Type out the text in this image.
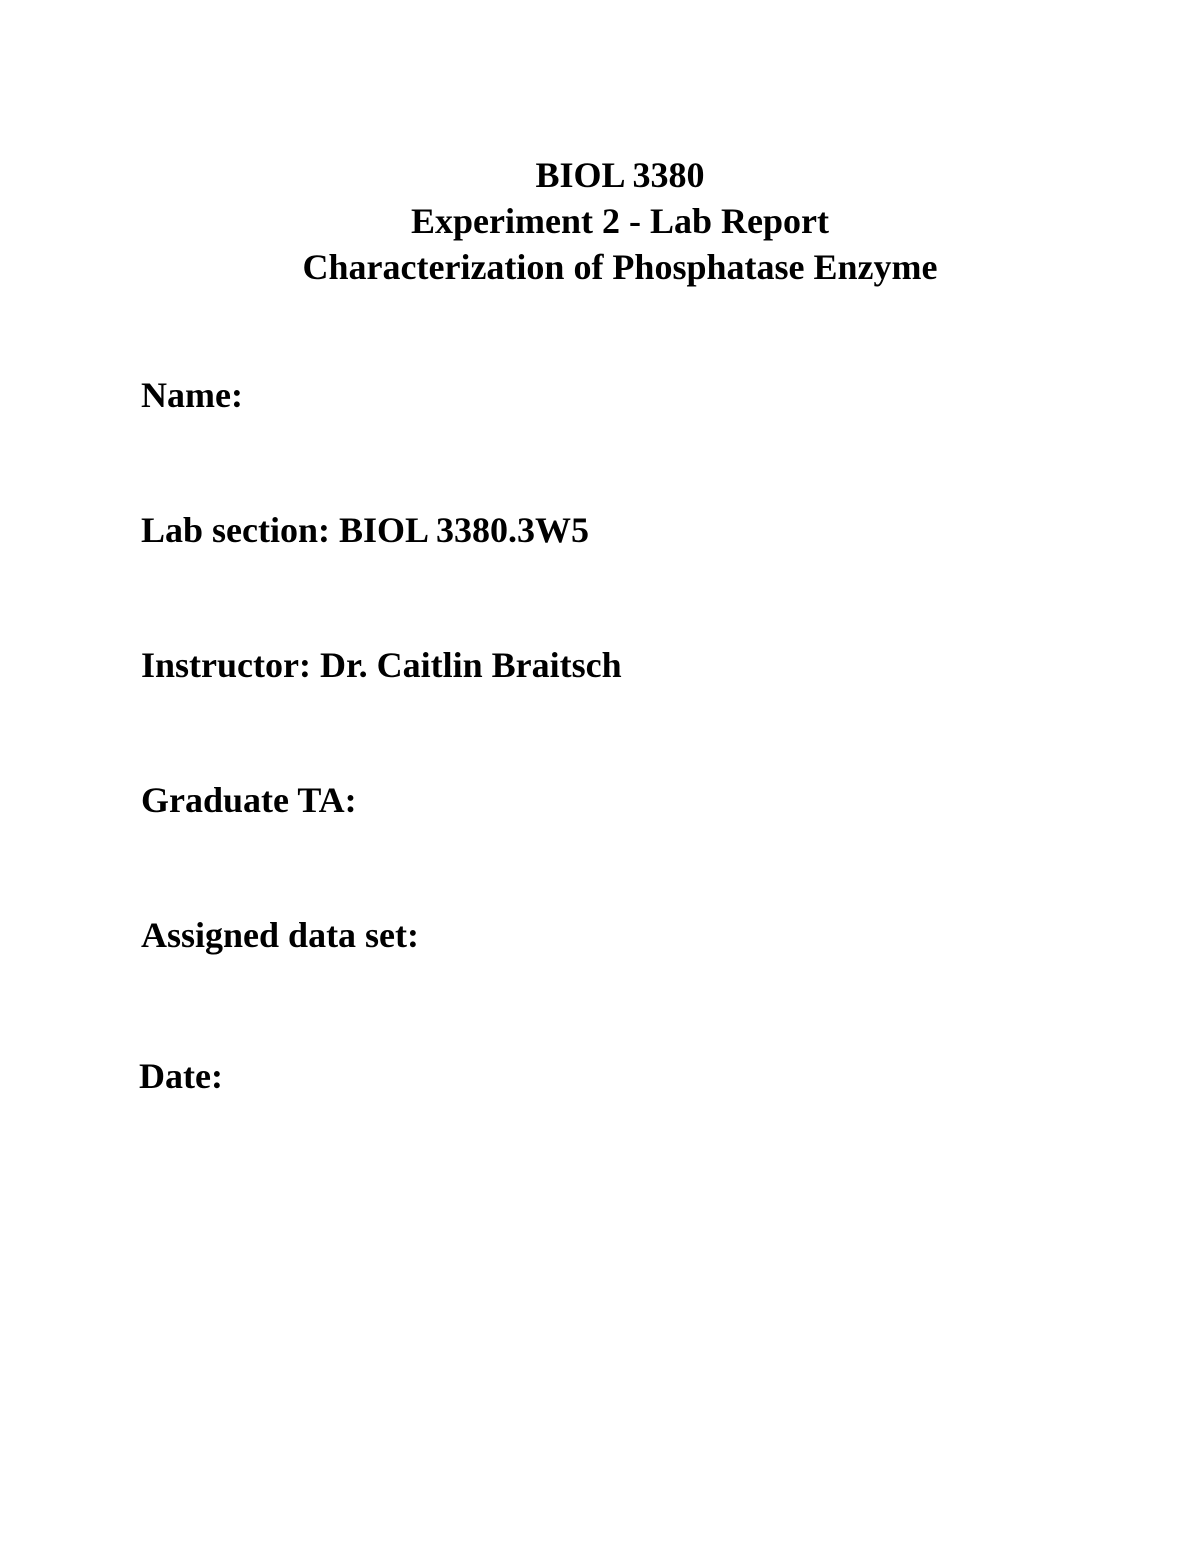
BIOL 3380
Experiment 2 - Lab Report
Characterization of Phosphatase Enzyme
Name:
Lab section: BIOL 3380.3W5
Instructor: Dr. Caitlin Braitsch
Graduate TA:
Assigned data set:
Date:
